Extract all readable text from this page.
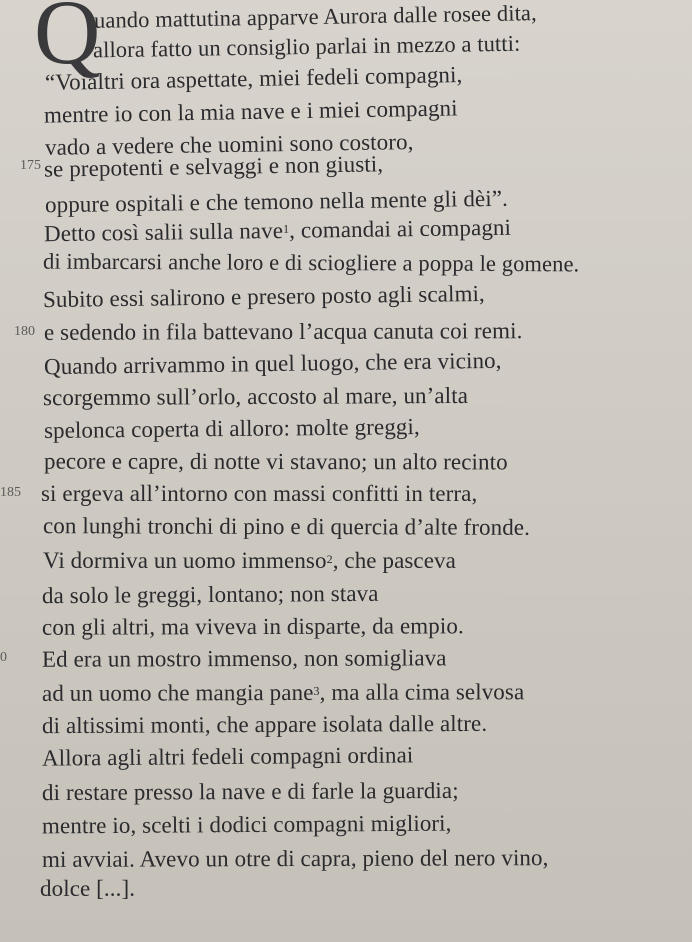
Q
uando mattutina apparve Aurora dalle rosee dita,
allora fatto un consiglio parlai in mezzo a tutti:
“Voialtri ora aspettate, miei fedeli compagni,
mentre io con la mia nave e i miei compagni
vado a vedere che uomini sono costoro,
175 se prepotenti e selvaggi e non giusti,
oppure ospitali e che temono nella mente gli dèi”.
Detto così salii sulla nave$^1$, comandai ai compagni
di imbarcarsi anche loro e di sciogliere a poppa le gomene.
Subito essi salirono e presero posto agli scalmi,
180 e sedendo in fila battevano l’acqua canuta coi remi.
Quando arrivammo in quel luogo, che era vicino,
scorgemmo sull’orlo, accosto al mare, un’alta
spelonca coperta di alloro: molte greggi,
pecore e capre, di notte vi stavano; un alto recinto
185 si ergeva all’intorno con massi confitti in terra,
con lunghi tronchi di pino e di quercia d’alte fronde.
Vi dormiva un uomo immenso$^2$, che pasceva
da solo le greggi, lontano; non stava
con gli altri, ma viveva in disparte, da empio.
0 Ed era un mostro immenso, non somigliava
ad un uomo che mangia pane$^3$, ma alla cima selvosa
di altissimi monti, che appare isolata dalle altre.
Allora agli altri fedeli compagni ordinai
di restare presso la nave e di farle la guardia;
mentre io, scelti i dodici compagni migliori,
mi avviai. Avevo un otre di capra, pieno del nero vino,
dolce [...].
